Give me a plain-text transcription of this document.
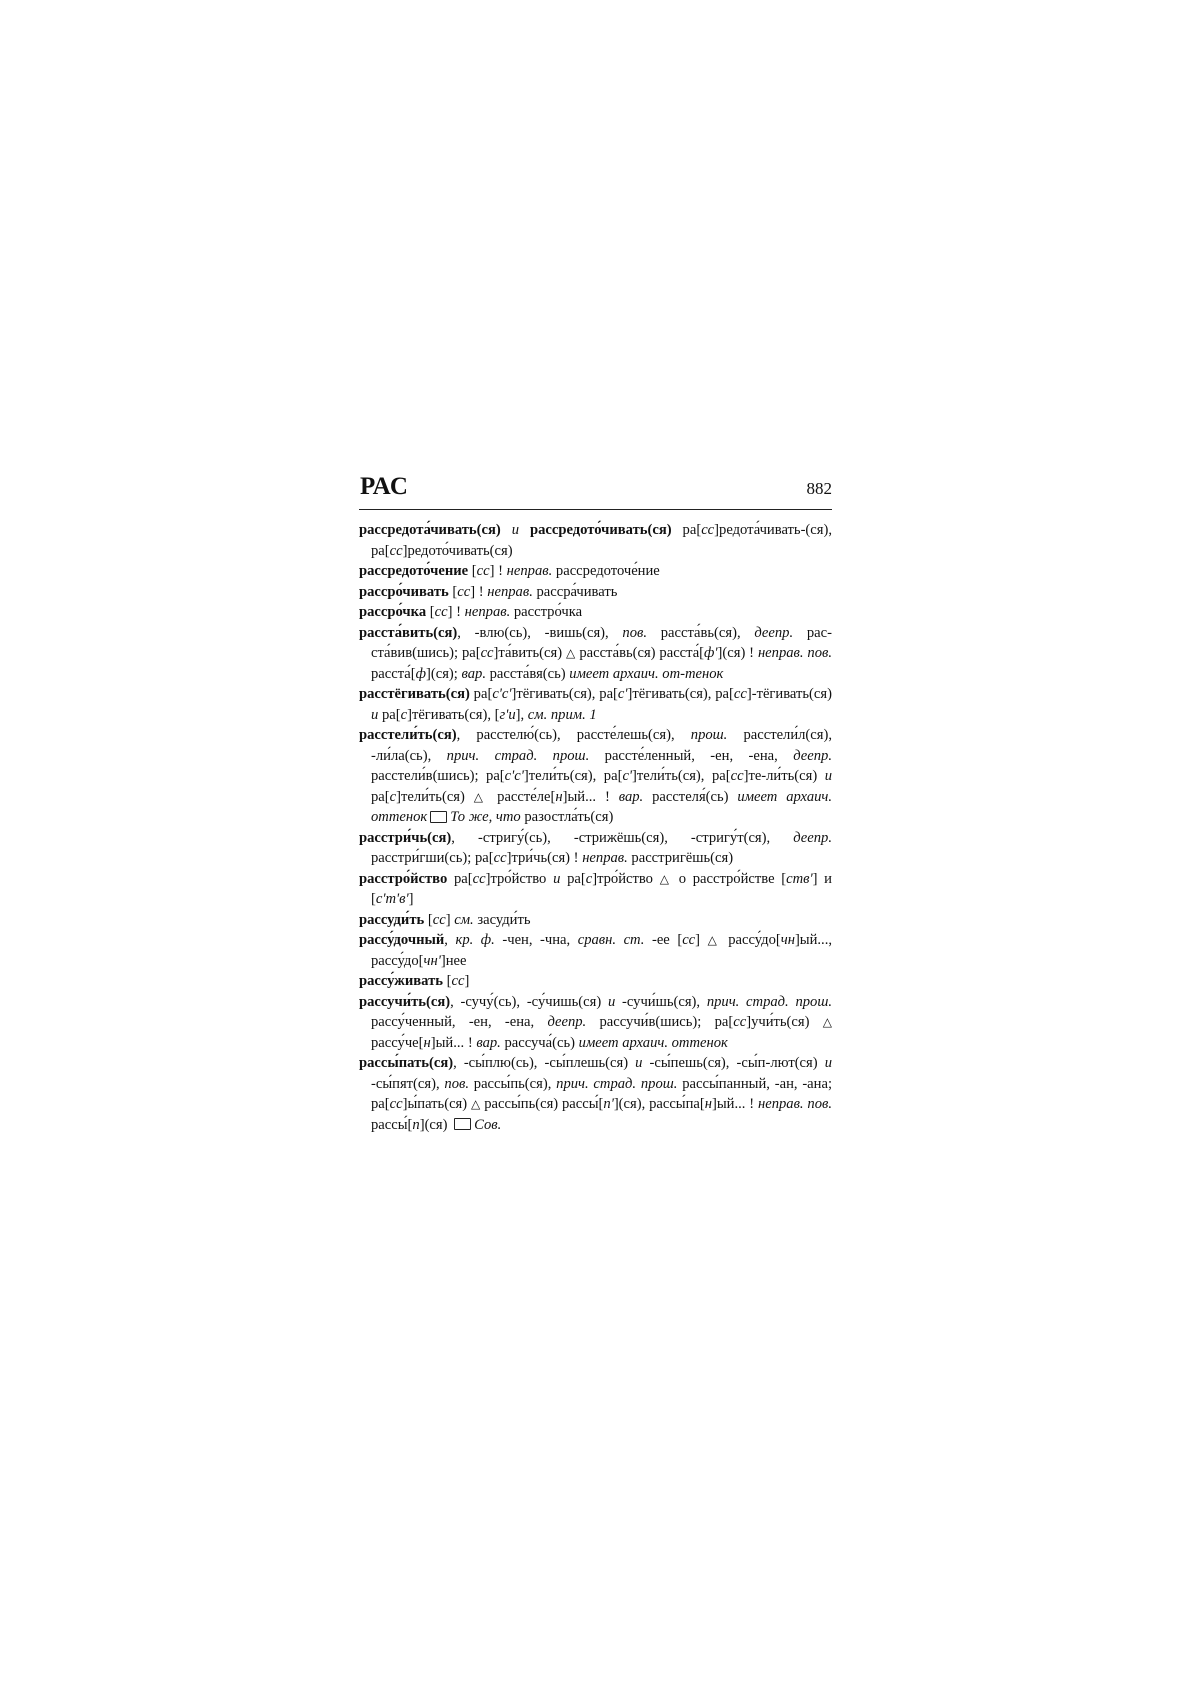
РАС	882

рассредота́чивать(ся) и рассредото́чивать(ся) ра[сс]редота́чивать-(ся), ра[сс]редото́чивать(ся)

рассредото́чение [сс] ! неправ. рассредоточе́ние

рассро́чивать [сс] ! неправ. рассра́чивать

рассро́чка [сс] ! неправ. расстро́чка

расста́вить(ся), -влю(сь), -вишь(ся), пов. расста́вь(ся), деепр. рас-ста́вив(шись); ра[сс]та́вить(ся) △ расста́вь(ся) расста́[ф'](ся) ! неправ. пов. расста́[ф](ся); вар. расста́вя(сь) имеет архаич. от-тенок

расстёгивать(ся) ра[с'с']тёгивать(ся), ра[с']тёгивать(ся), ра[сс]-тёгивать(ся) и ра[с]тёгивать(ся), [г'и], см. прим. 1

расстели́ть(ся), расстелю́(сь), рассте́лешь(ся), прош. расстели́л(ся), -ли́ла(сь), прич. страд. прош. рассте́ленный, -ен, -ена, деепр. расстели́в(шись); ра[с'с']тели́ть(ся), ра[с']тели́ть(ся), ра[сс]те-ли́ть(ся) и ра[с]тели́ть(ся) △ рассте́ле[н]ый... ! вар. расстеля́(сь) имеет архаич. оттенок То же, что разостла́ть(ся)

расстри́чь(ся), -стригу́(сь), -стрижёшь(ся), -стригу́т(ся), деепр. расстри́гши(сь); ра[сс]три́чь(ся) ! неправ. расстригёшь(ся)

расстро́йство ра[сс]тро́йство и ра[с]тро́йство △ о расстро́йстве [ств'] и [с'т'в']

рассуди́ть [сс] см. засуди́ть

рассу́дочный, кр. ф. -чен, -чна, сравн. ст. -ее [сс] △ рассу́до[чн]ый..., рассу́до[чн']нее

рассу́живать [сс]

рассучи́ть(ся), -сучу́(сь), -су́чишь(ся) и -сучи́шь(ся), прич. страд. прош. рассу́ченный, -ен, -ена, деепр. рассучи́в(шись); ра[сс]учи́ть(ся) △ рассу́че[н]ый... ! вар. рассуча́(сь) имеет архаич. оттенок

рассы́пать(ся), -сы́плю(сь), -сы́плешь(ся) и -сы́пешь(ся), -сы́п-лют(ся) и -сы́пят(ся), пов. рассы́пь(ся), прич. страд. прош. рассы́панный, -ан, -ана; ра[сс]ы́пать(ся) △ рассы́пь(ся) рассы́[п'](ся), рассы́па[н]ый... ! неправ. пов. рассы́[п](ся) Сов.
